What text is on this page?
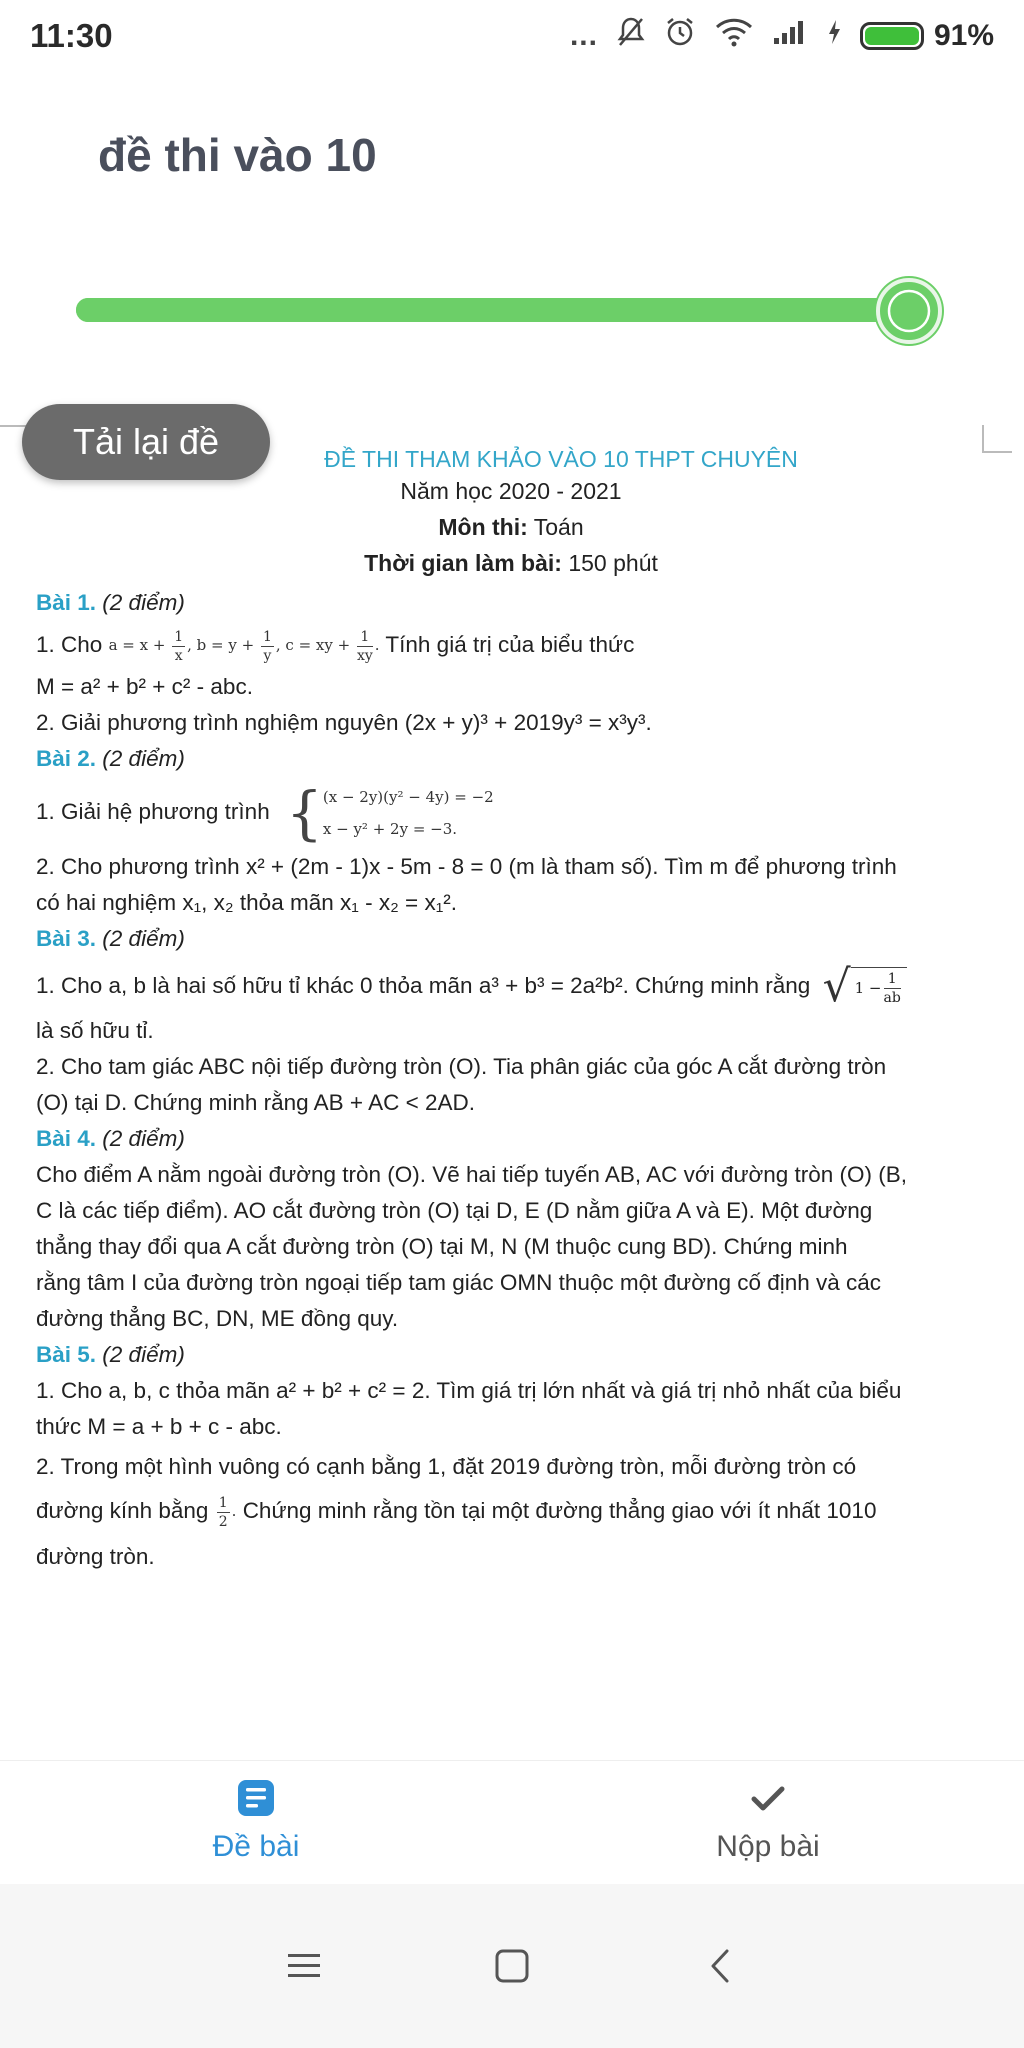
11:30	...	91%
đề thi vào 10
ĐỀ THI THAM KHẢO VÀO 10 THPT CHUYÊN
Năm học 2020 - 2021
Môn thi: Toán
Thời gian làm bài: 150 phút
Bài 1. (2 điểm)
1. Cho $a = x + \frac{1}{x}$ , $b = y + \frac{1}{y}$ , c = xy + $\frac{1}{xy}$ . Tính giá trị của biểu thức
M = a² + b² + c² - abc.
2. Giải phương trình nghiệm nguyên (2x + y)³ + 2019y³ = x³y³.
Bài 2. (2 điểm)
1. Giải hệ phương trình { (x − 2y)(y² − 4y) = −2
x − y² + 2y = −3.
2. Cho phương trình x² + (2m - 1)x - 5m - 8 = 0 (m là tham số). Tìm m để phương trình
có hai nghiệm x₁, x₂ thỏa mãn x₁ - x₂ = x₁².
Bài 3. (2 điểm)
1. Cho a, b là hai số hữu tỉ khác 0 thỏa mãn a³ + b³ = 2a²b². Chứng minh rằng √ $1 - \frac{1}{ab}$
là số hữu tỉ.
2. Cho tam giác ABC nội tiếp đường tròn (O). Tia phân giác của góc A cắt đường tròn
(O) tại D. Chứng minh rằng AB + AC < 2AD.
Bài 4. (2 điểm)
Cho điểm A nằm ngoài đường tròn (O). Vẽ hai tiếp tuyến AB, AC với đường tròn (O) (B,
C là các tiếp điểm). AO cắt đường tròn (O) tại D, E (D nằm giữa A và E). Một đường
thẳng thay đổi qua A cắt đường tròn (O) tại M, N (M thuộc cung BD). Chứng minh
rằng tâm I của đường tròn ngoại tiếp tam giác OMN thuộc một đường cố định và các
đường thẳng BC, DN, ME đồng quy.
Bài 5. (2 điểm)
1. Cho a, b, c thỏa mãn a² + b² + c² = 2. Tìm giá trị lớn nhất và giá trị nhỏ nhất của biểu
thức M = a + b + c - abc.
2. Trong một hình vuông có cạnh bằng 1, đặt 2019 đường tròn, mỗi đường tròn có
đường kính bằng $\frac{1}{2}$ . Chứng minh rằng tồn tại một đường thẳng giao với ít nhất 1010
đường tròn.
Tải lại đề
Đề bài	Nộp bài
